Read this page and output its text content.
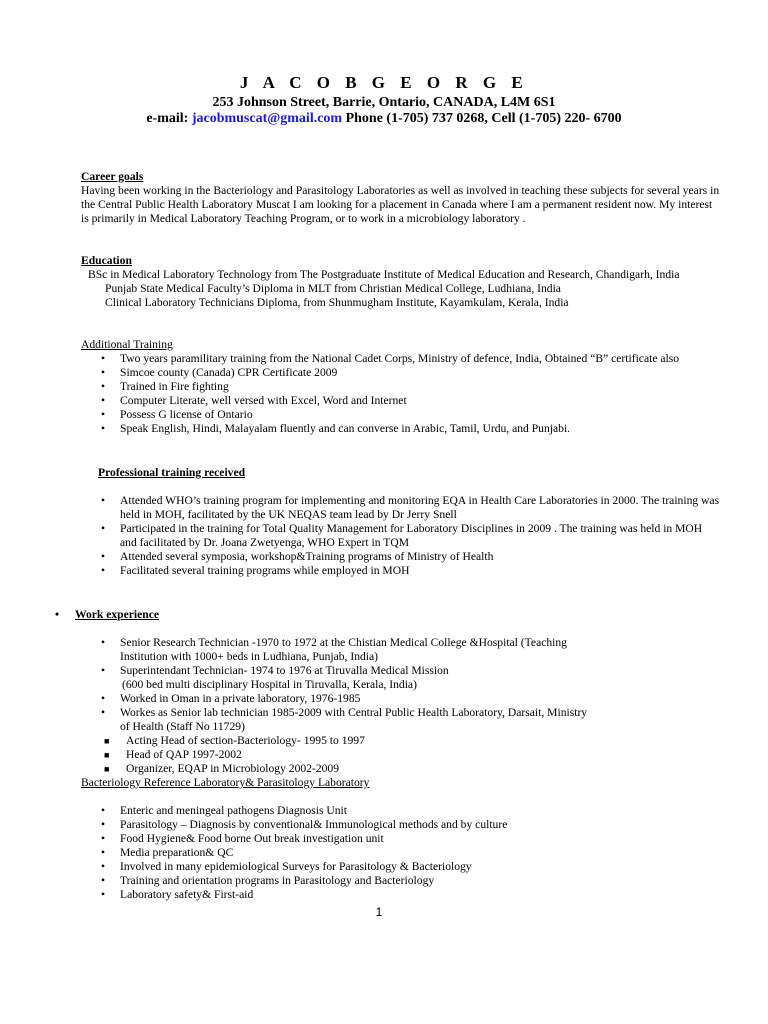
J A C O B G E O R G E
253 Johnson Street, Barrie, Ontario, CANADA, L4M 6S1
e-mail: jacobmuscat@gmail.com Phone (1-705) 737 0268, Cell (1-705) 220- 6700
Career goals
Having been working in the Bacteriology and Parasitology Laboratories as well as involved in teaching these subjects for several years in the Central Public Health Laboratory Muscat I am looking for a placement in Canada where I am a permanent resident now. My interest is primarily in Medical Laboratory Teaching Program, or to work in a microbiology laboratory .
Education
BSc in Medical Laboratory Technology from The Postgraduate Institute of Medical Education and Research, Chandigarh, India
Punjab State Medical Faculty’s Diploma in MLT from Christian Medical College, Ludhiana, India
Clinical Laboratory Technicians Diploma, from Shunmugham Institute, Kayamkulam, Kerala, India
Additional Training
• Two years paramilitary training from the National Cadet Corps, Ministry of defence, India, Obtained “B” certificate also
• Simcoe county (Canada) CPR Certificate 2009
• Trained in Fire fighting
• Computer Literate, well versed with Excel, Word and Internet
• Possess G license of Ontario
• Speak English, Hindi, Malayalam fluently and can converse in Arabic, Tamil, Urdu, and Punjabi.
Professional training received
• Attended WHO’s training program for implementing and monitoring EQA in Health Care Laboratories in 2000. The training was held in MOH, facilitated by the UK NEQAS team lead by Dr Jerry Snell
• Participated in the training for Total Quality Management for Laboratory Disciplines in 2009 . The training was held in MOH and facilitated by Dr. Joana Zwetyenga, WHO Expert in TQM
• Attended several symposia, workshop&Training programs of Ministry of Health
• Facilitated several training programs while employed in MOH
• Work experience
• Senior Research Technician -1970 to 1972 at the Chistian Medical College &Hospital (Teaching
Institution with 1000+ beds in Ludhiana, Punjab, India)
• Superintendant Technician- 1974 to 1976 at Tiruvalla Medical Mission
(600 bed multi disciplinary Hospital in Tiruvalla, Kerala, India)
• Worked in Oman in a private laboratory, 1976-1985
• Workes as Senior lab technician 1985-2009 with Central Public Health Laboratory, Darsait, Ministry
of Health (Staff No 11729)
■ Acting Head of section-Bacteriology- 1995 to 1997
■ Head of QAP 1997-2002
■ Organizer, EQAP in Microbiology 2002-2009
Bacteriology Reference Laboratory& Parasitology Laboratory
• Enteric and meningeal pathogens Diagnosis Unit
• Parasitology – Diagnosis by conventional& Immunological methods and by culture
• Food Hygiene& Food borne Out break investigation unit
• Media preparation& QC
• Involved in many epidemiological Surveys for Parasitology & Bacteriology
• Training and orientation programs in Parasitology and Bacteriology
• Laboratory safety& First-aid
1
